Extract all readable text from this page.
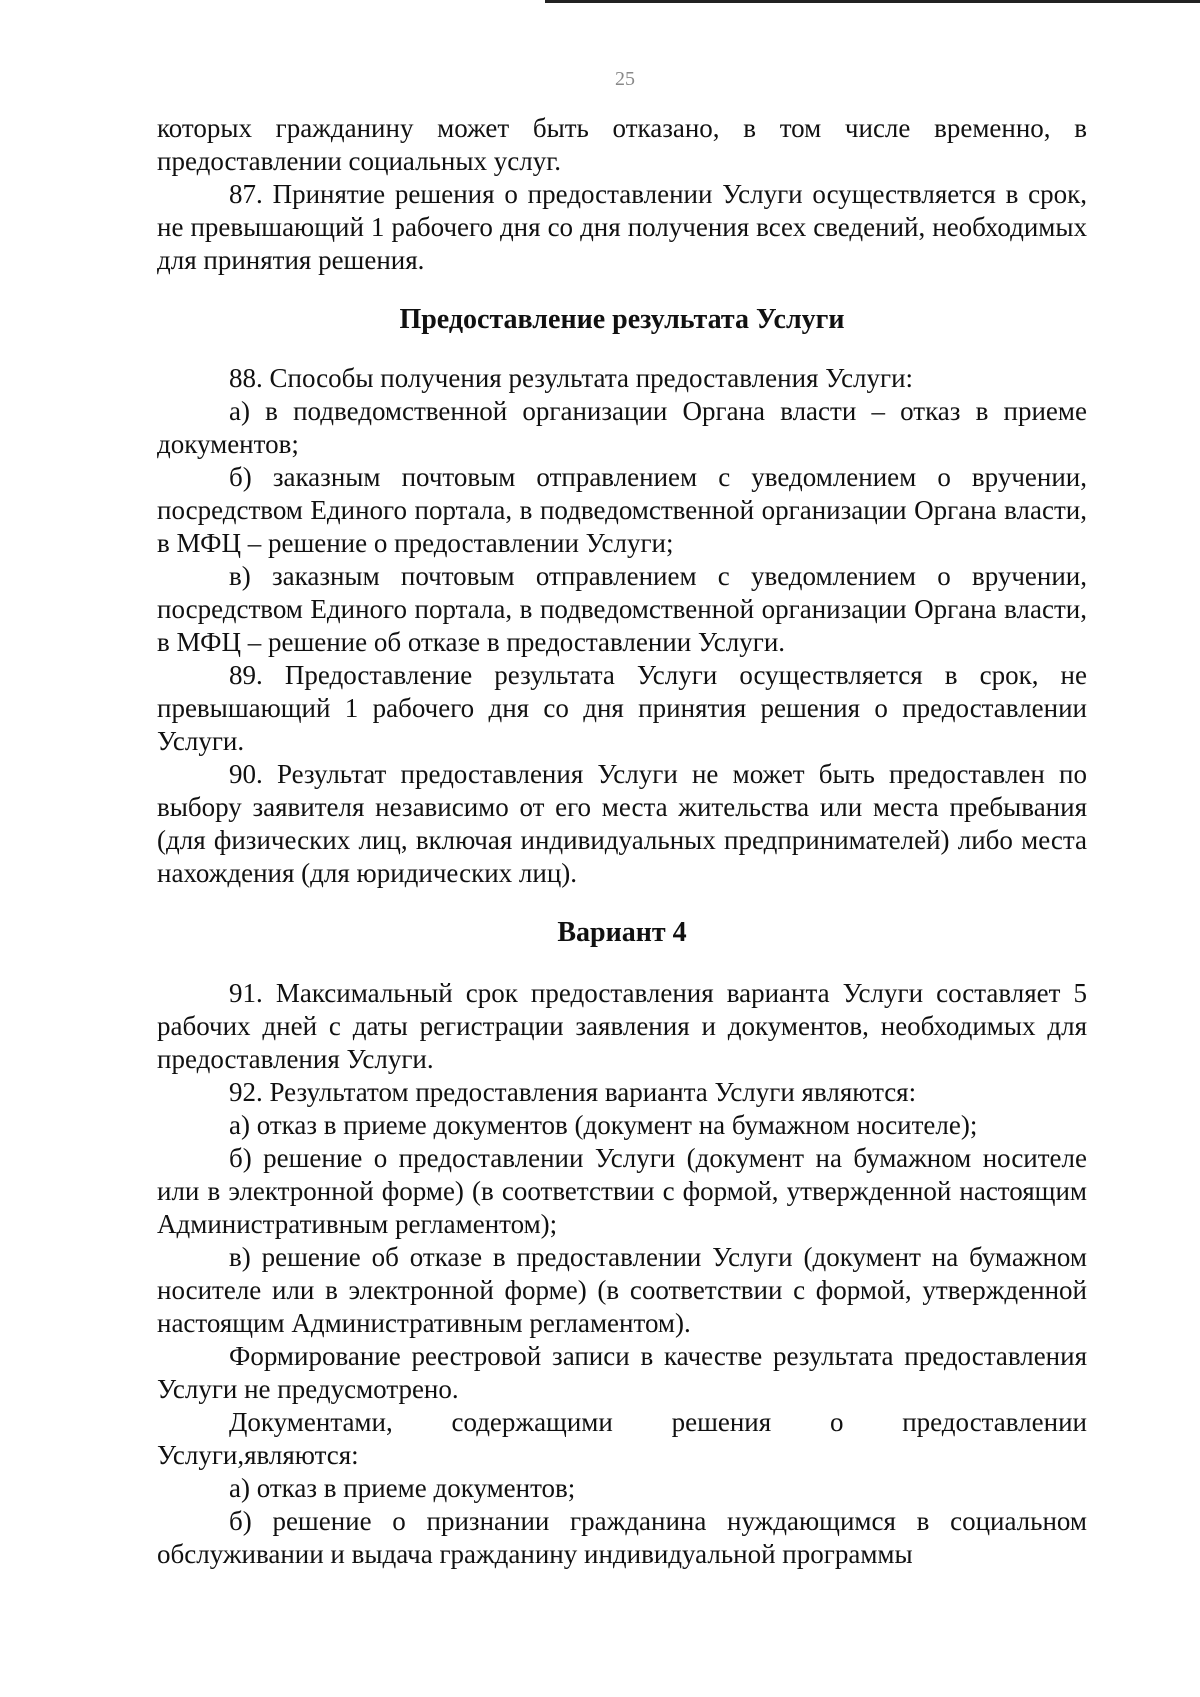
25

которых гражданину может быть отказано, в том числе временно, в предоставлении социальных услуг.

87. Принятие решения о предоставлении Услуги осуществляется в срок, не превышающий 1 рабочего дня со дня получения всех сведений, необходимых для принятия решения.

Предоставление результата Услуги

88. Способы получения результата предоставления Услуги:

а) в подведомственной организации Органа власти – отказ в приеме документов;

б) заказным почтовым отправлением с уведомлением о вручении, посредством Единого портала, в подведомственной организации Органа власти, в МФЦ – решение о предоставлении Услуги;

в) заказным почтовым отправлением с уведомлением о вручении, посредством Единого портала, в подведомственной организации Органа власти, в МФЦ – решение об отказе в предоставлении Услуги.

89. Предоставление результата Услуги осуществляется в срок, не превышающий 1 рабочего дня со дня принятия решения о предоставлении Услуги.

90. Результат предоставления Услуги не может быть предоставлен по выбору заявителя независимо от его места жительства или места пребывания (для физических лиц, включая индивидуальных предпринимателей) либо места нахождения (для юридических лиц).

Вариант 4

91. Максимальный срок предоставления варианта Услуги составляет 5 рабочих дней с даты регистрации заявления и документов, необходимых для предоставления Услуги.

92. Результатом предоставления варианта Услуги являются:

а) отказ в приеме документов (документ на бумажном носителе);

б) решение о предоставлении Услуги (документ на бумажном носителе или в электронной форме) (в соответствии с формой, утвержденной настоящим Административным регламентом);

в) решение об отказе в предоставлении Услуги (документ на бумажном носителе или в электронной форме) (в соответствии с формой, утвержденной настоящим Административным регламентом).

Формирование реестровой записи в качестве результата предоставления Услуги не предусмотрено.

Документами, содержащими решения о предоставлении Услуги,являются:

а) отказ в приеме документов;

б) решение о признании гражданина нуждающимся в социальном обслуживании и выдача гражданину индивидуальной программы
